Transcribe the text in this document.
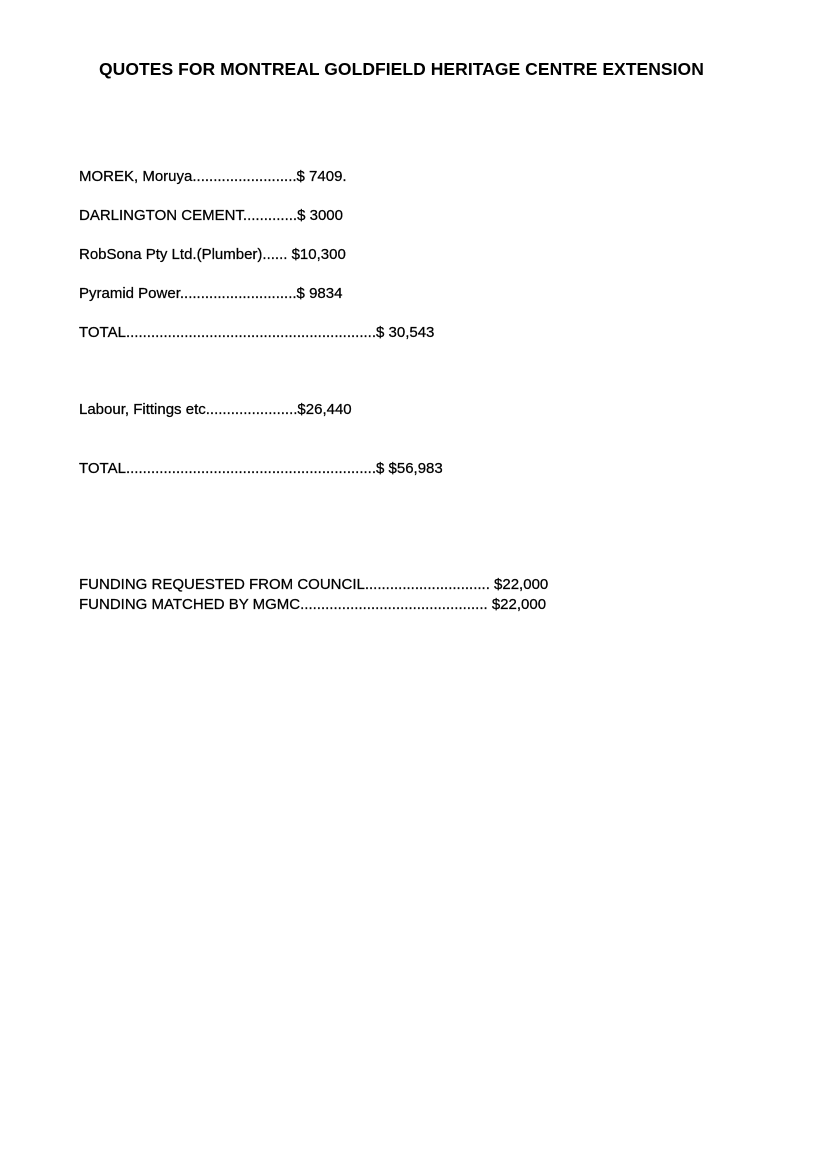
QUOTES FOR MONTREAL GOLDFIELD HERITAGE CENTRE EXTENSION

MOREK, Moruya.........................$ 7409.

DARLINGTON CEMENT.............$ 3000

RobSona Pty Ltd.(Plumber)...... $10,300

Pyramid Power............................$ 9834

TOTAL............................................................$ 30,543

Labour, Fittings etc......................$26,440

TOTAL............................................................$ $56,983

FUNDING REQUESTED FROM COUNCIL.............................. $22,000

FUNDING MATCHED BY MGMC............................................. $22,000
